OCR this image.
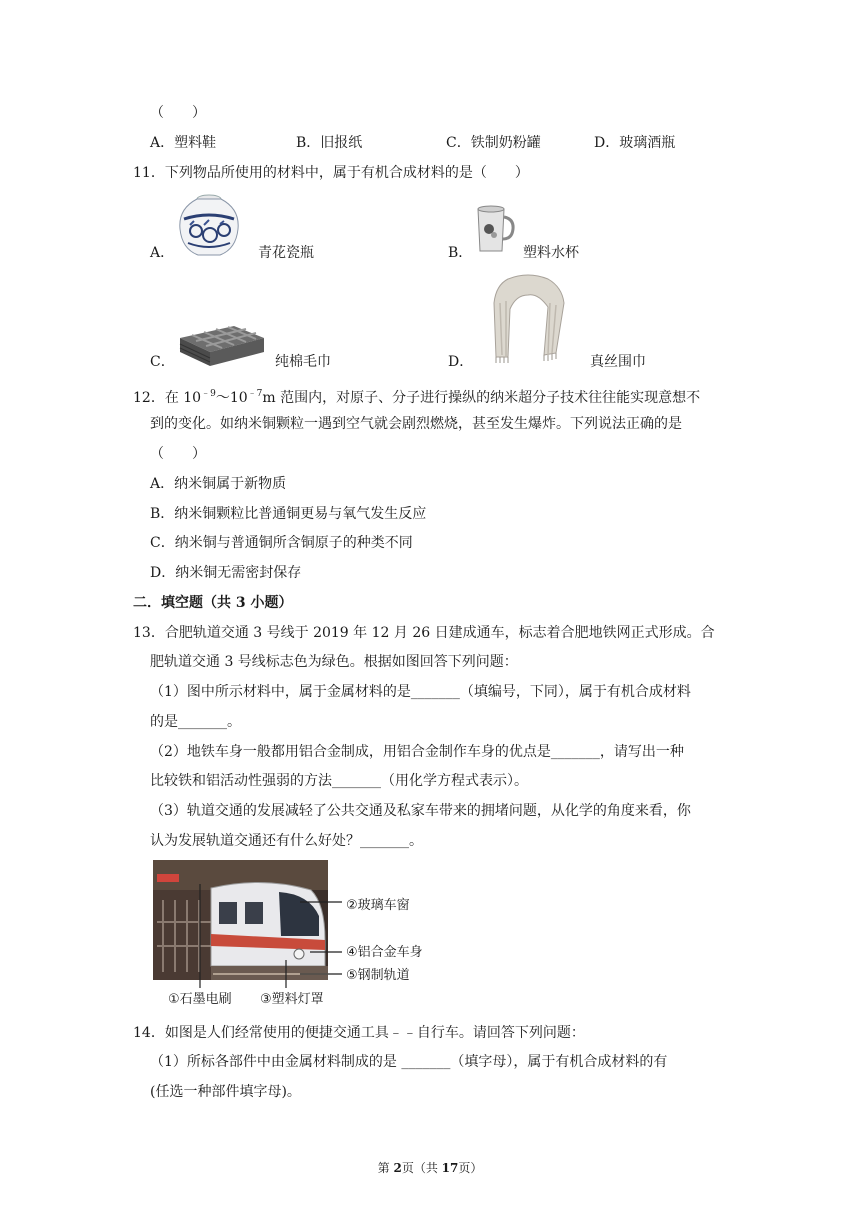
（　　）
A．塑料鞋	B．旧报纸	C．铁制奶粉罐	D．玻璃酒瓶
11．下列物品所使用的材料中，属于有机合成材料的是（　　）
A．	青花瓷瓶	B．	塑料水杯
C．	纯棉毛巾	D．	真丝围巾
12．在 $10^{﹣9}\sim 10^{﹣7}m$ 范围内，对原子、分子进行操纵的纳米超分子技术往往能实现意想不
到的变化。如纳米铜颗粒一遇到空气就会剧烈燃烧，甚至发生爆炸。下列说法正确的是
（　　）
A．纳米铜属于新物质
B．纳米铜颗粒比普通铜更易与氧气发生反应
C．纳米铜与普通铜所含铜原子的种类不同
D．纳米铜无需密封保存
二．填空题（共 3 小题）
13．合肥轨道交通 3 号线于 2019 年 12 月 26 日建成通车，标志着合肥地铁网正式形成。合
肥轨道交通 3 号线标志色为绿色。根据如图回答下列问题：
（1）图中所示材料中，属于金属材料的是_______（填编号，下同），属于有机合成材料
的是_______。
（2）地铁车身一般都用铝合金制成，用铝合金制作车身的优点是_______，请写出一种
比较铁和铝活动性强弱的方法_______（用化学方程式表示）。
（3）轨道交通的发展减轻了公共交通及私家车带来的拥堵问题，从化学的角度来看，你
认为发展轨道交通还有什么好处？_______。
②玻璃车窗
④铝合金车身
⑤钢制轨道
①石墨电刷 ③塑料灯罩
14．如图是人们经常使用的便捷交通工具﹣﹣自行车。请回答下列问题：
（1）所标各部件中由金属材料制成的是 _______（填字母），属于有机合成材料的有
(任选一种部件填字母)。
第 2页（共 17页）
